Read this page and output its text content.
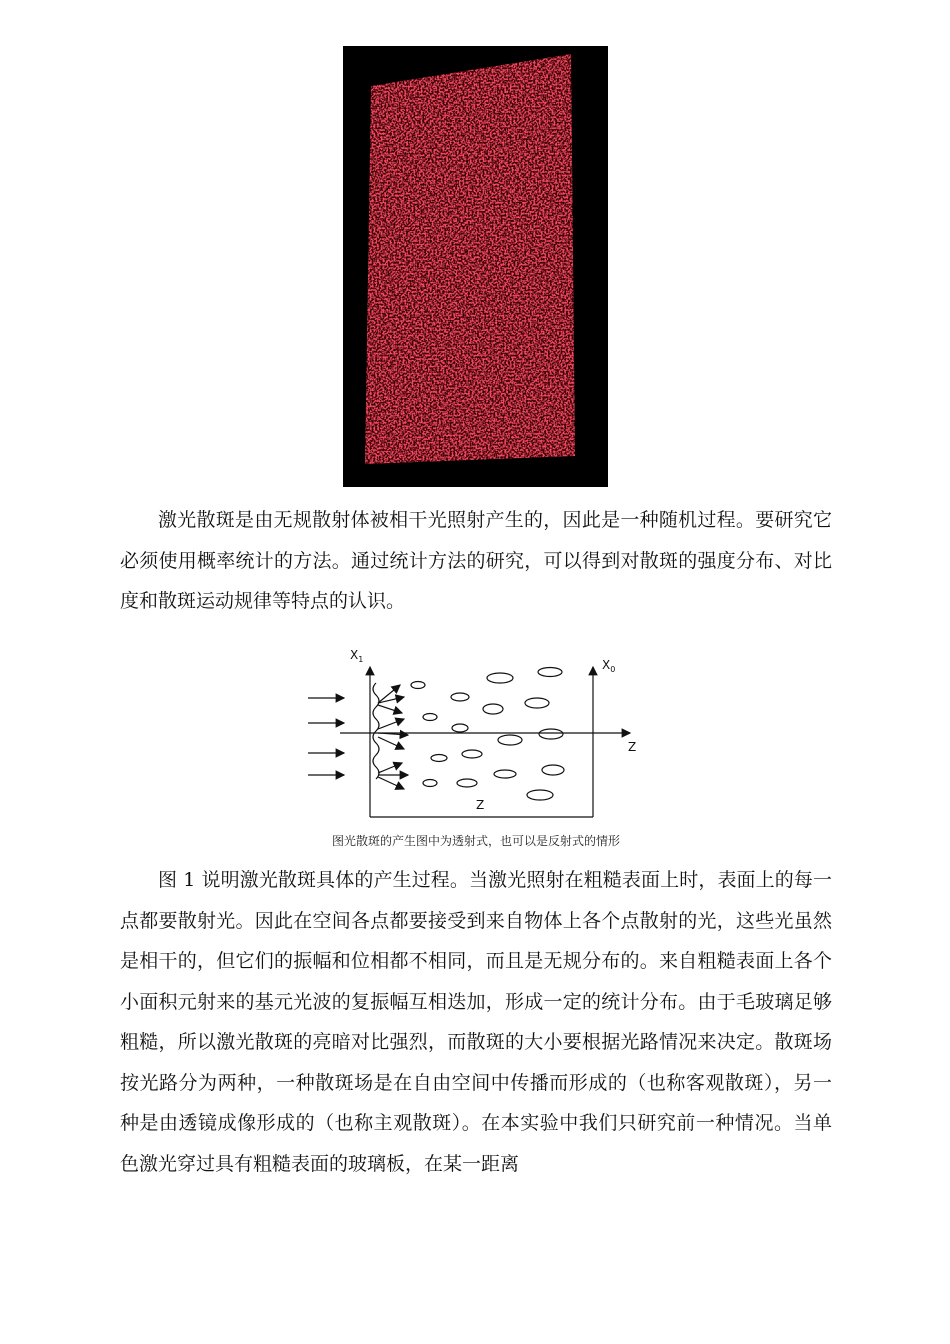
激光散斑是由无规散射体被相干光照射产生的，因此是一种随机过程。要研究它必须使用概率统计的方法。通过统计方法的研究，可以得到对散斑的强度分布、对比度和散斑运动规律等特点的认识。

$X_1$	$X_0$
Z
Z

图光散斑的产生图中为透射式，也可以是反射式的情形

图 1 说明激光散斑具体的产生过程。当激光照射在粗糙表面上时，表面上的每一点都要散射光。因此在空间各点都要接受到来自物体上各个点散射的光，这些光虽然是相干的，但它们的振幅和位相都不相同，而且是无规分布的。来自粗糙表面上各个小面积元射来的基元光波的复振幅互相迭加，形成一定的统计分布。由于毛玻璃足够粗糙，所以激光散斑的亮暗对比强烈，而散斑的大小要根据光路情况来决定。散斑场按光路分为两种，一种散斑场是在自由空间中传播而形成的（也称客观散斑），另一种是由透镜成像形成的（也称主观散斑）。在本实验中我们只研究前一种情况。当单色激光穿过具有粗糙表面的玻璃板，在某一距离
